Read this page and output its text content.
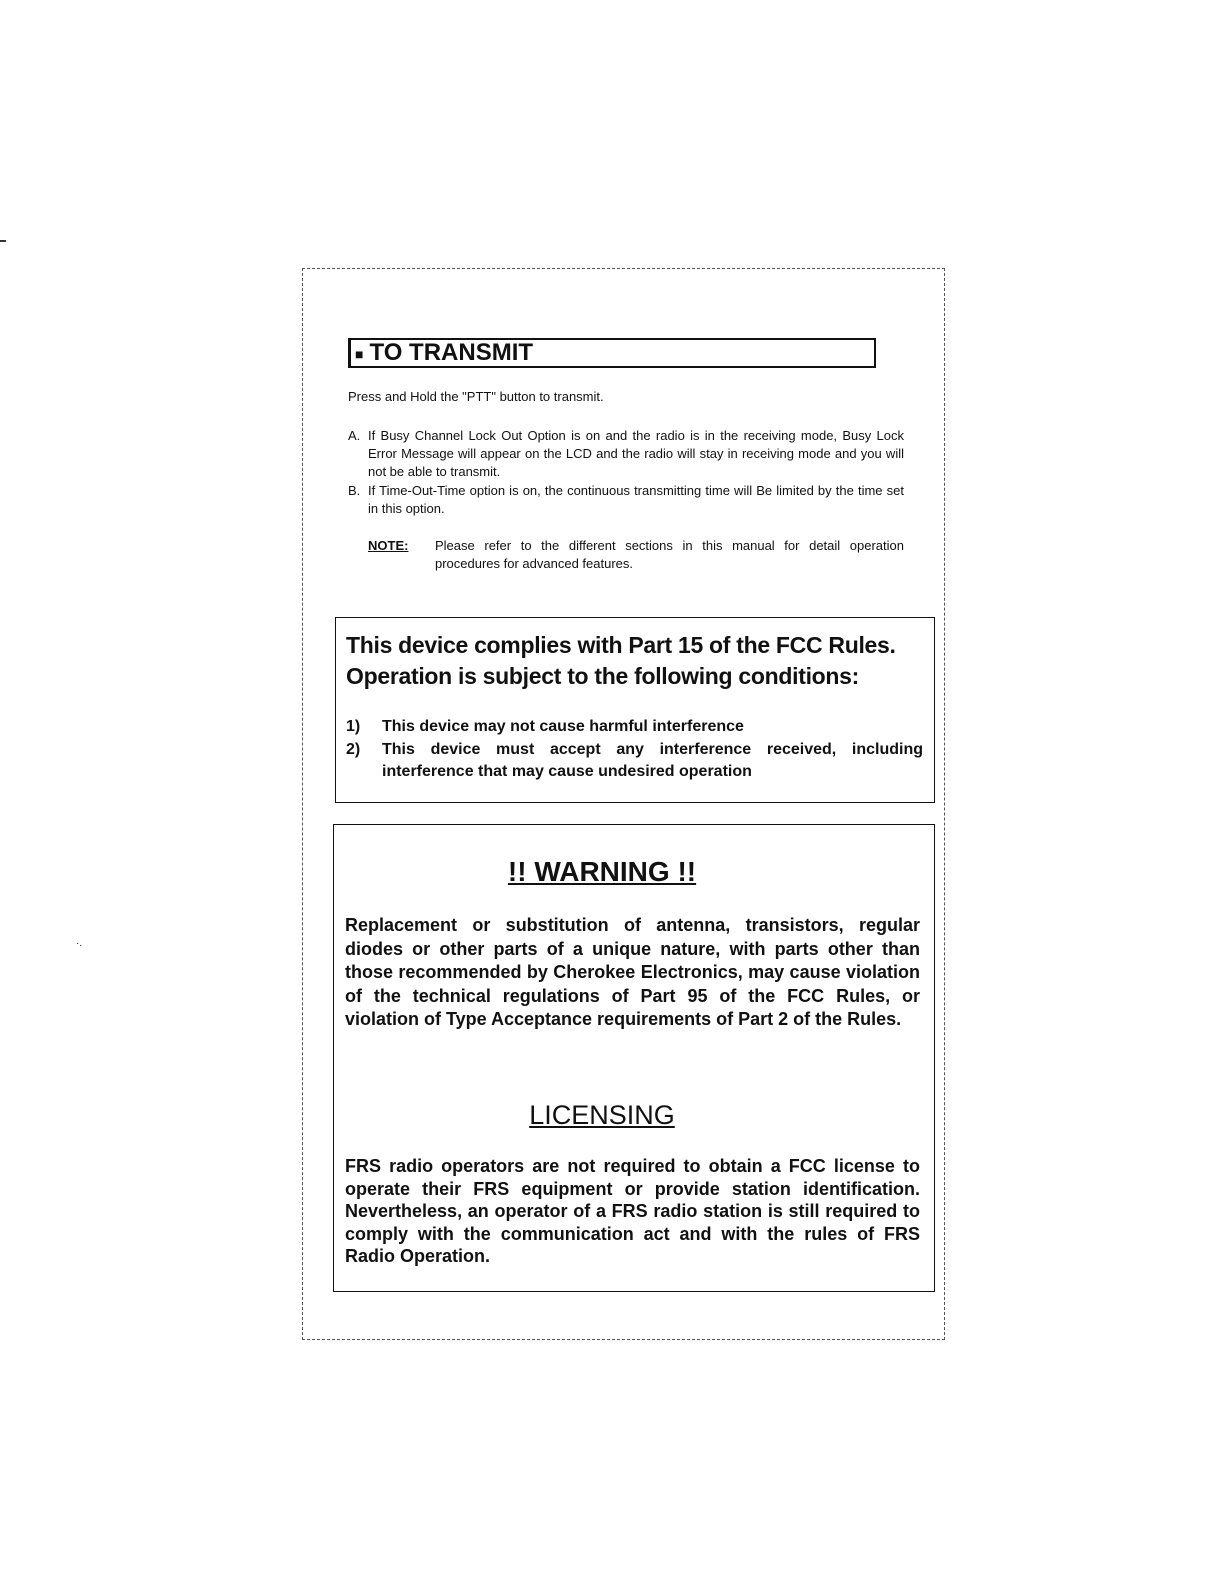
·.
■ TO TRANSMIT
Press and Hold the "PTT" button to transmit.
A. If Busy Channel Lock Out Option is on and the radio is in the receiving mode, Busy Lock Error Message will appear on the LCD and the radio will stay in receiving mode and you will not be able to transmit.
B. If Time-Out-Time option is on, the continuous transmitting time will Be limited by the time set in this option.
NOTE: Please refer to the different sections in this manual for detail operation procedures for advanced features.
This device complies with Part 15 of the FCC Rules.
Operation is subject to the following conditions:
1) This device may not cause harmful interference
2) This device must accept any interference received, including interference that may cause undesired operation
!! WARNING !!
Replacement or substitution of antenna, transistors, regular diodes or other parts of a unique nature, with parts other than those recommended by Cherokee Electronics, may cause violation of the technical regulations of Part 95 of the FCC Rules, or violation of Type Acceptance requirements of Part 2 of the Rules.
LICENSING
FRS radio operators are not required to obtain a FCC license to operate their FRS equipment or provide station identification. Nevertheless, an operator of a FRS radio station is still required to comply with the communication act and with the rules of FRS Radio Operation.
